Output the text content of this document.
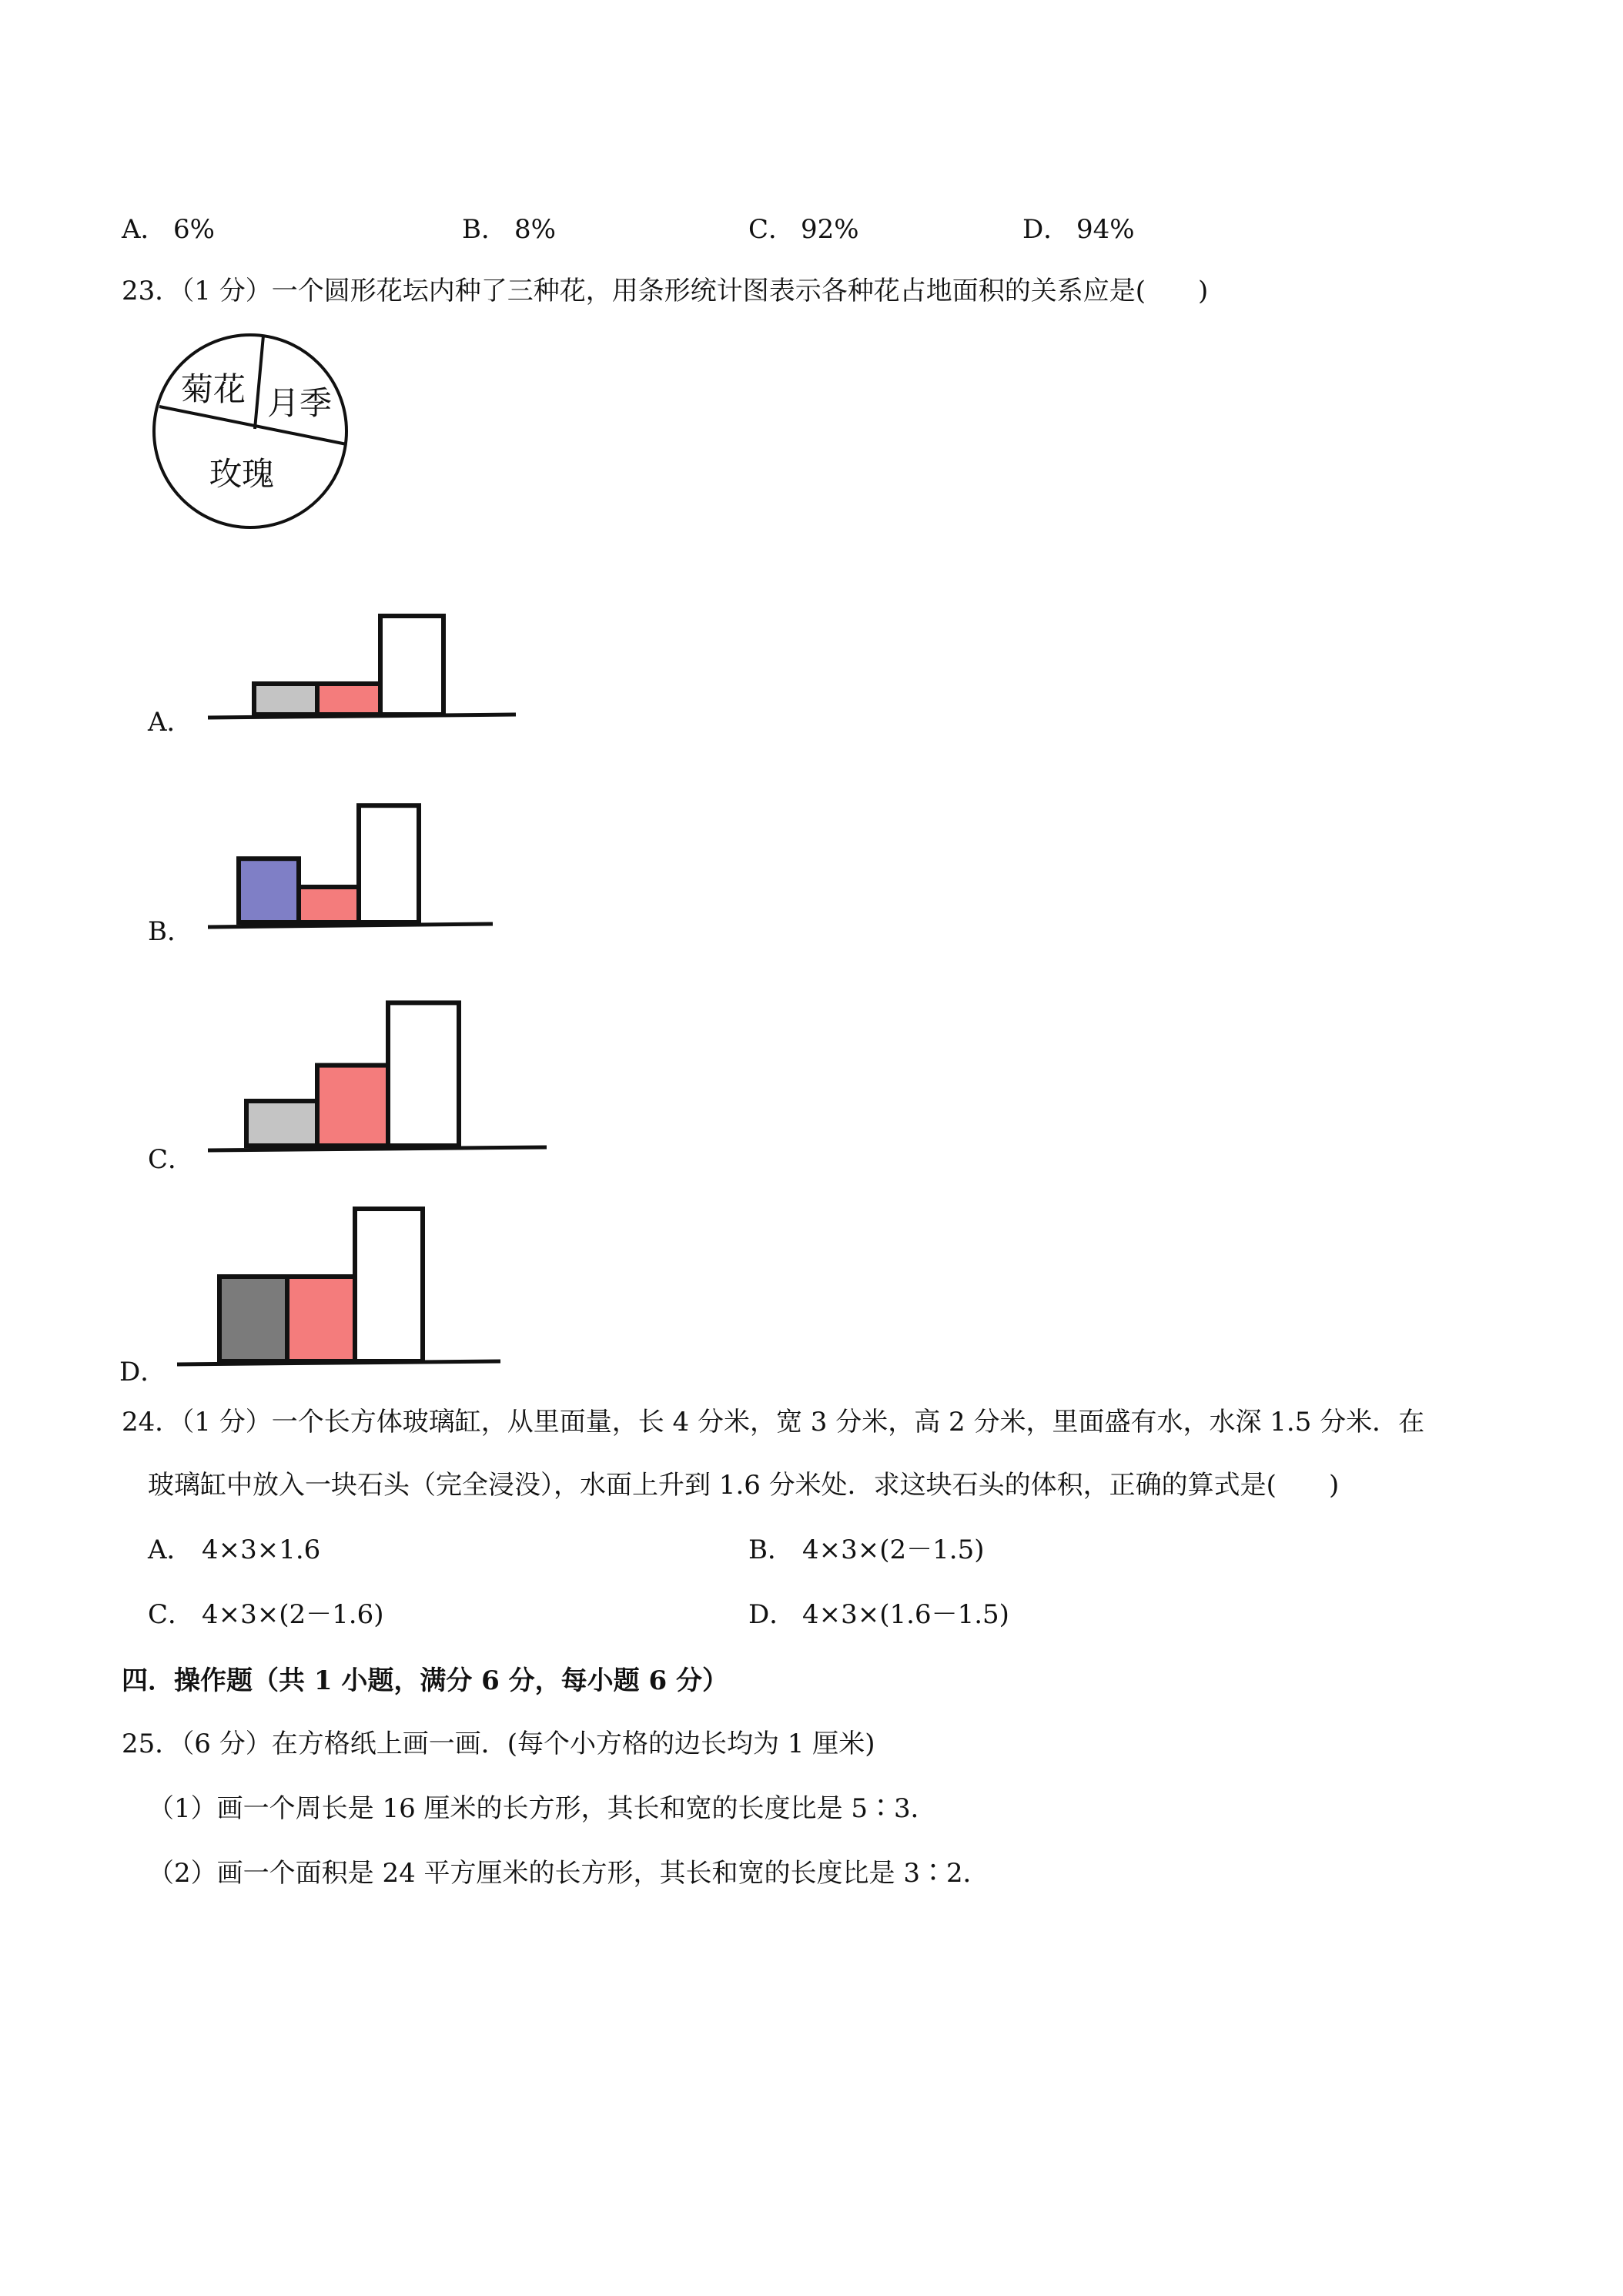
A． 6%	B． 8%	C． 92%	D． 94%
23．（1 分）一个圆形花坛内种了三种花，用条形统计图表示各种花占地面积的关系应是(　　)
菊花 月季
玫瑰
A．
B．
C．
D．
24．（1 分）一个长方体玻璃缸，从里面量，长 4 分米，宽 3 分米，高 2 分米，里面盛有水，水深 1.5 分米．在
玻璃缸中放入一块石头（完全浸没），水面上升到 1.6 分米处．求这块石头的体积，正确的算式是(　　)
A． 4×3×1.6	B． 4×3×(2－1.5)
C． 4×3×(2－1.6)	D． 4×3×(1.6－1.5)
四．操作题（共 1 小题，满分 6 分，每小题 6 分）
25．（6 分）在方格纸上画一画．(每个小方格的边长均为 1 厘米)
（1）画一个周长是 16 厘米的长方形，其长和宽的长度比是 5∶3．
（2）画一个面积是 24 平方厘米的长方形，其长和宽的长度比是 3∶2．
